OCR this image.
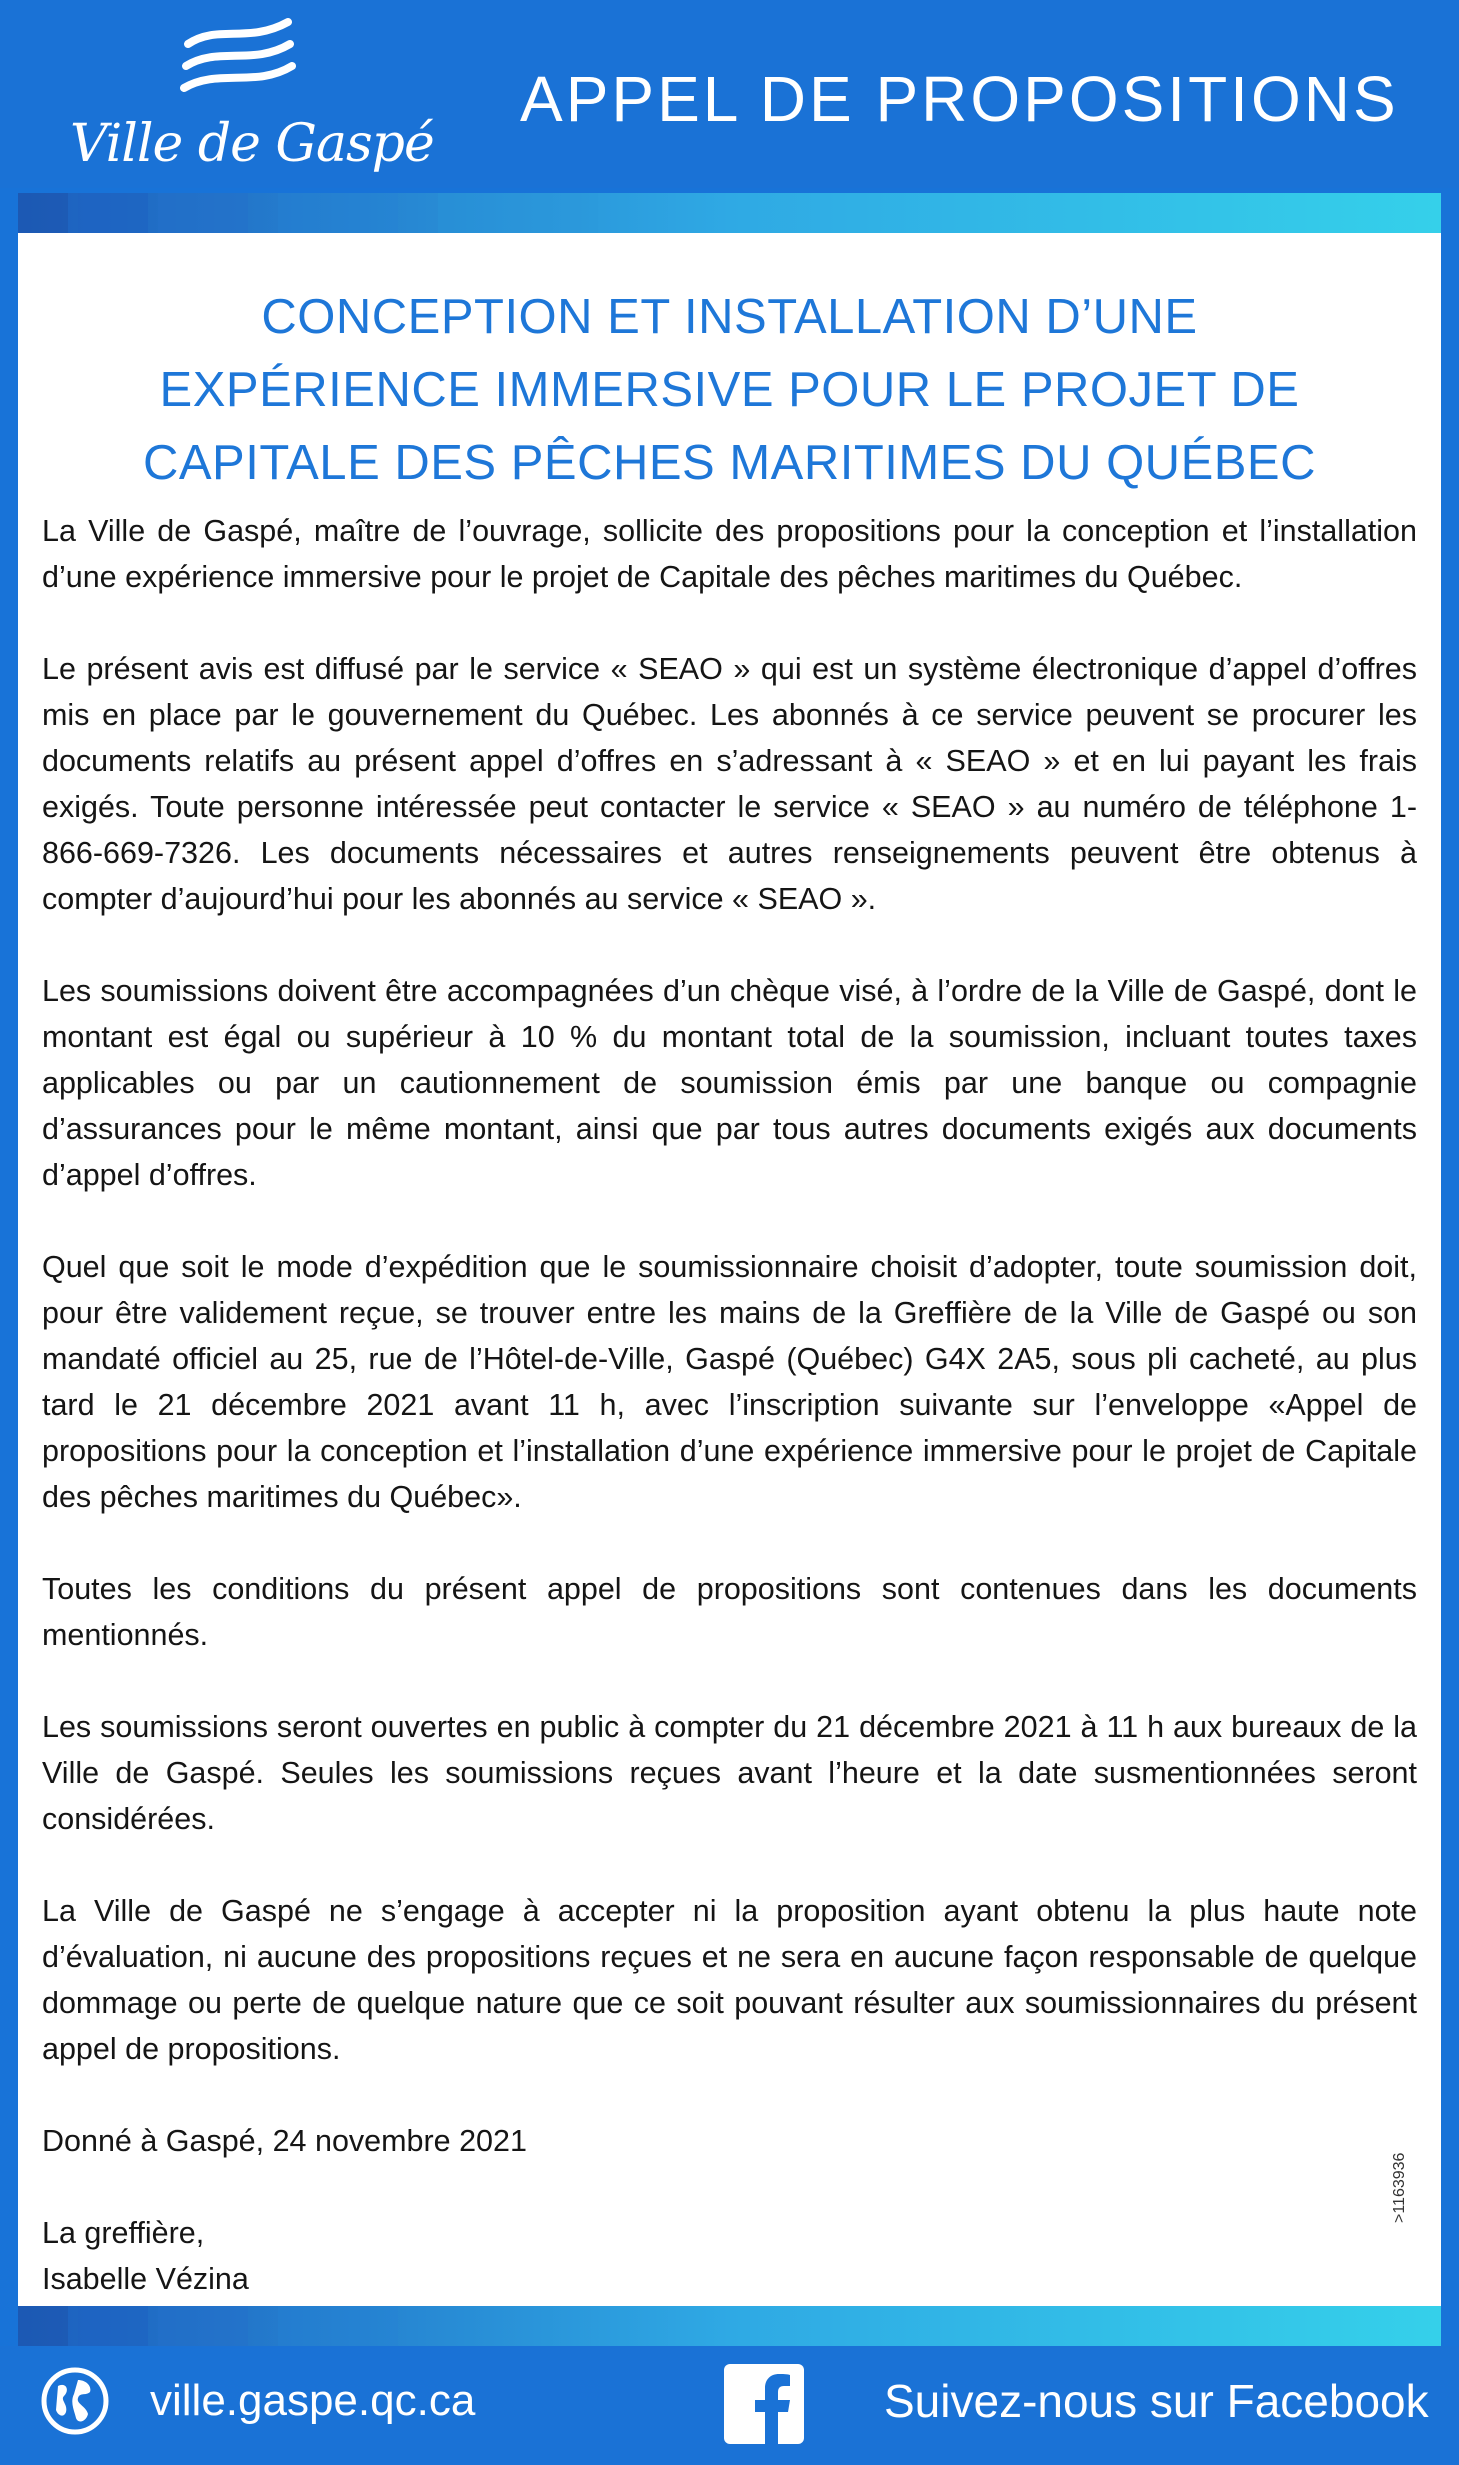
Ville de Gaspé
APPEL DE PROPOSITIONS
CONCEPTION ET INSTALLATION D’UNE
EXPÉRIENCE IMMERSIVE POUR LE PROJET DE
CAPITALE DES PÊCHES MARITIMES DU QUÉBEC

La Ville de Gaspé, maître de l’ouvrage, sollicite des propositions pour la conception et l’installation d’une expérience immersive pour le projet de Capitale des pêches maritimes du Québec.

Le présent avis est diffusé par le service « SEAO » qui est un système électronique d’appel d’offres mis en place par le gouvernement du Québec. Les abonnés à ce service peuvent se procurer les documents relatifs au présent appel d’offres en s’adressant à « SEAO » et en lui payant les frais exigés. Toute personne intéressée peut contacter le service « SEAO » au numéro de téléphone 1-866-669-7326. Les documents nécessaires et autres renseignements peuvent être obtenus à compter d’aujourd’hui pour les abonnés au service « SEAO ».

Les soumissions doivent être accompagnées d’un chèque visé, à l’ordre de la Ville de Gaspé, dont le montant est égal ou supérieur à 10 % du montant total de la soumission, incluant toutes taxes applicables ou par un cautionnement de soumission émis par une banque ou compagnie d’assurances pour le même montant, ainsi que par tous autres documents exigés aux documents d’appel d’offres.

Quel que soit le mode d’expédition que le soumissionnaire choisit d’adopter, toute soumission doit, pour être validement reçue, se trouver entre les mains de la Greffière de la Ville de Gaspé ou son mandaté officiel au 25, rue de l’Hôtel-de-Ville, Gaspé (Québec) G4X 2A5, sous pli cacheté, au plus tard le 21 décembre 2021 avant 11 h, avec l’inscription suivante sur l’enveloppe «Appel de propositions pour la conception et l’installation d’une expérience immersive pour le projet de Capitale des pêches maritimes du Québec».

Toutes les conditions du présent appel de propositions sont contenues dans les documents mentionnés.

Les soumissions seront ouvertes en public à compter du 21 décembre 2021 à 11 h aux bureaux de la Ville de Gaspé. Seules les soumissions reçues avant l’heure et la date susmentionnées seront considérées.

La Ville de Gaspé ne s’engage à accepter ni la proposition ayant obtenu la plus haute note d’évaluation, ni aucune des propositions reçues et ne sera en aucune façon responsable de quelque dommage ou perte de quelque nature que ce soit pouvant résulter aux soumissionnaires du présent appel de propositions.

Donné à Gaspé, 24 novembre 2021

La greffière,

Isabelle Vézina

>1163936
ville.gaspe.qc.ca	Suivez-nous sur Facebook
